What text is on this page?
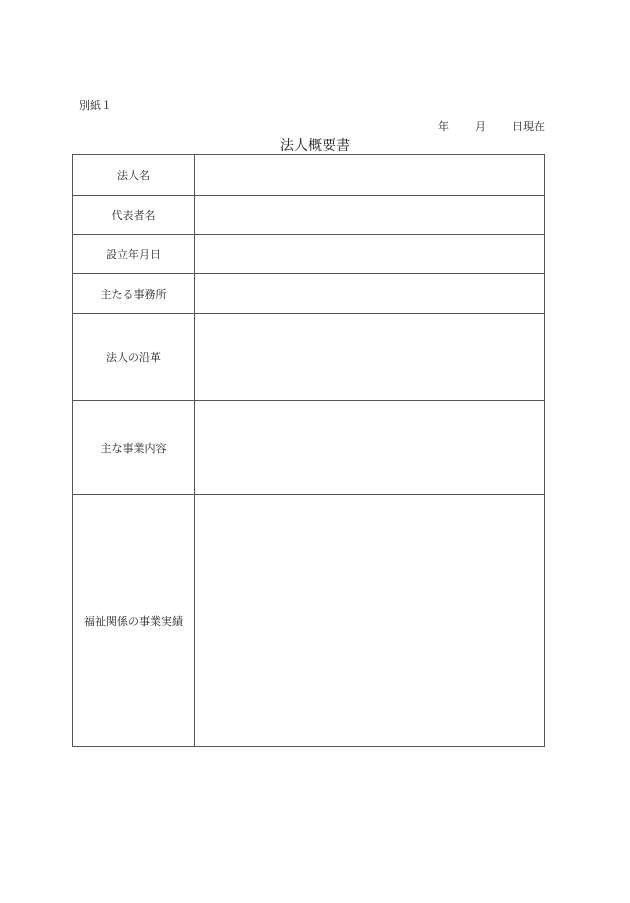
別紙１
年 月 日現在
法人概要書
法人名	
代表者名	
設立年月日	
主たる事務所	
法人の沿革	
主な事業内容	
福祉関係の事業実績	
